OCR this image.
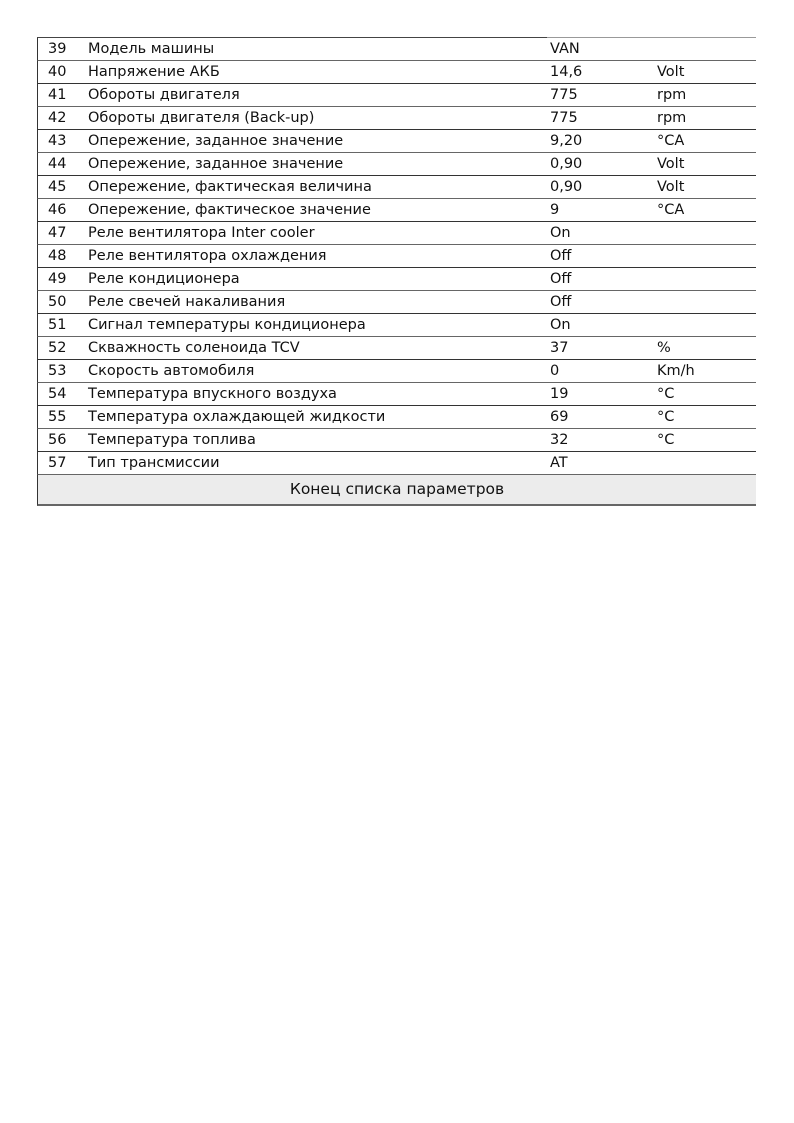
39 Модель машины	VAN
40 Напряжение АКБ	14,6	Volt
41 Обороты двигателя	775	rpm
42 Обороты двигателя (Back-up)	775	rpm
43 Опережение, заданное значение	9,20	°CA
44 Опережение, заданное значение	0,90	Volt
45 Опережение, фактическая величина	0,90	Volt
46 Опережение, фактическое значение	9	°CA
47 Реле вентилятора Inter cooler	On
48 Реле вентилятора охлаждения	Off
49 Реле кондиционера	Off
50 Реле свечей накаливания	Off
51 Сигнал температуры кондиционера	On
52 Скважность соленоида TCV	37	%
53 Скорость автомобиля	0	Km/h
54 Температура впускного воздуха	19	°C
55 Температура охлаждающей жидкости	69	°C
56 Температура топлива	32	°C
57 Тип трансмиссии	AT
Конец списка параметров
